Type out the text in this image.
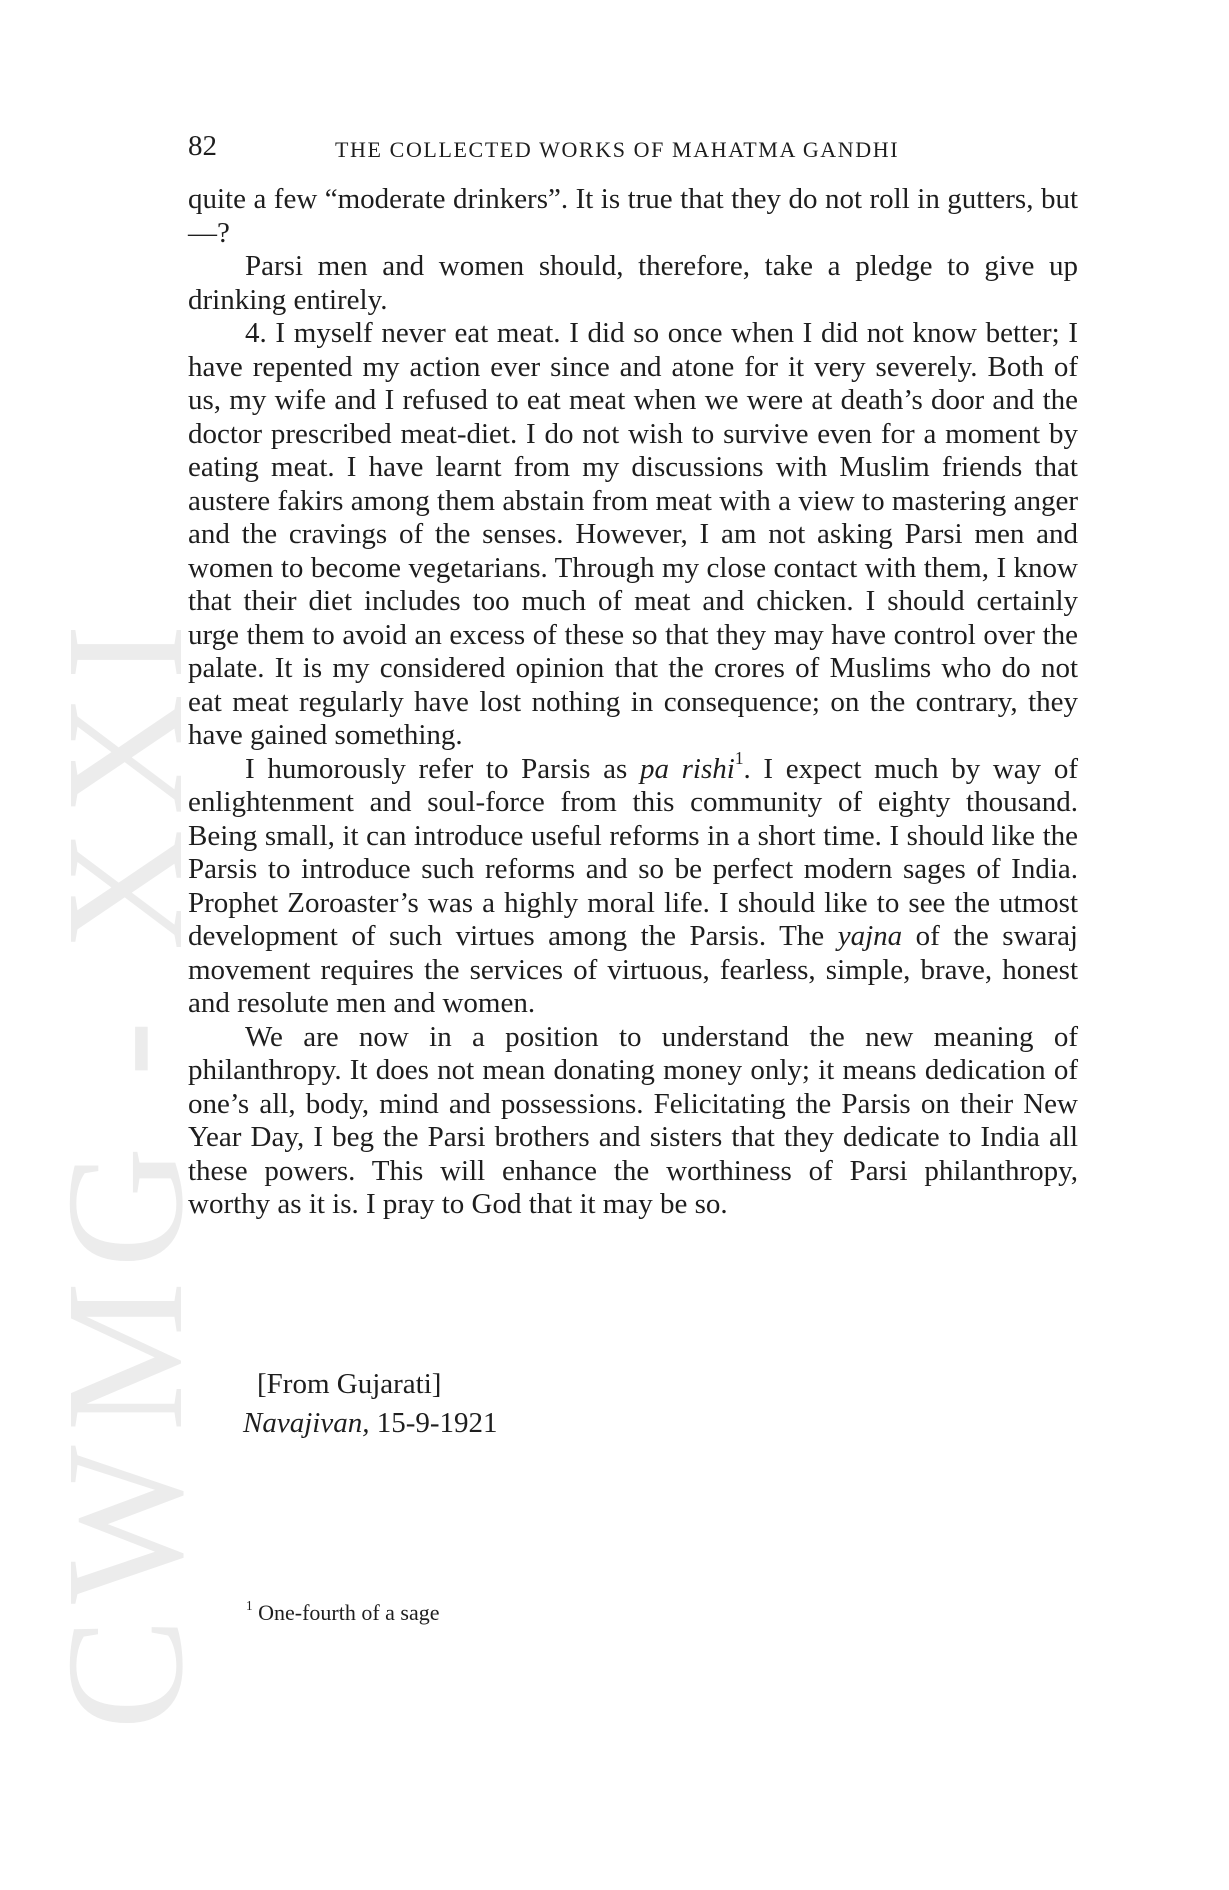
CWMG - XXI
82	THE COLLECTED WORKS OF MAHATMA GANDHI

quite a few “moderate drinkers”. It is true that they do not roll in gutters, but—?

Parsi men and women should, therefore, take a pledge to give up drinking entirely.

4. I myself never eat meat. I did so once when I did not know better; I have repented my action ever since and atone for it very severely. Both of us, my wife and I refused to eat meat when we were at death’s door and the doctor prescribed meat-diet. I do not wish to survive even for a moment by eating meat. I have learnt from my discussions with Muslim friends that austere fakirs among them abstain from meat with a view to mastering anger and the cravings of the senses. However, I am not asking Parsi men and women to become vegetarians. Through my close contact with them, I know that their diet includes too much of meat and chicken. I should certainly urge them to avoid an excess of these so that they may have control over the palate. It is my considered opinion that the crores of Muslims who do not eat meat regularly have lost nothing in consequence; on the contrary, they have gained something.

I humorously refer to Parsis as pa rishi$^1$. I expect much by way of enlightenment and soul-force from this community of eighty thousand. Being small, it can introduce useful reforms in a short time. I should like the Parsis to introduce such reforms and so be perfect modern sages of India. Prophet Zoroaster’s was a highly moral life. I should like to see the utmost development of such virtues among the Parsis. The yajna of the swaraj movement requires the services of virtuous, fearless, simple, brave, honest and resolute men and women.

We are now in a position to understand the new meaning of philanthropy. It does not mean donating money only; it means dedication of one’s all, body, mind and possessions. Felicitating the Parsis on their New Year Day, I beg the Parsi brothers and sisters that they dedicate to India all these powers. This will enhance the worthiness of Parsi philanthropy, worthy as it is. I pray to God that it may be so.

[From Gujarati]
Navajivan, 15-9-1921
$^1$ One-fourth of a sage
